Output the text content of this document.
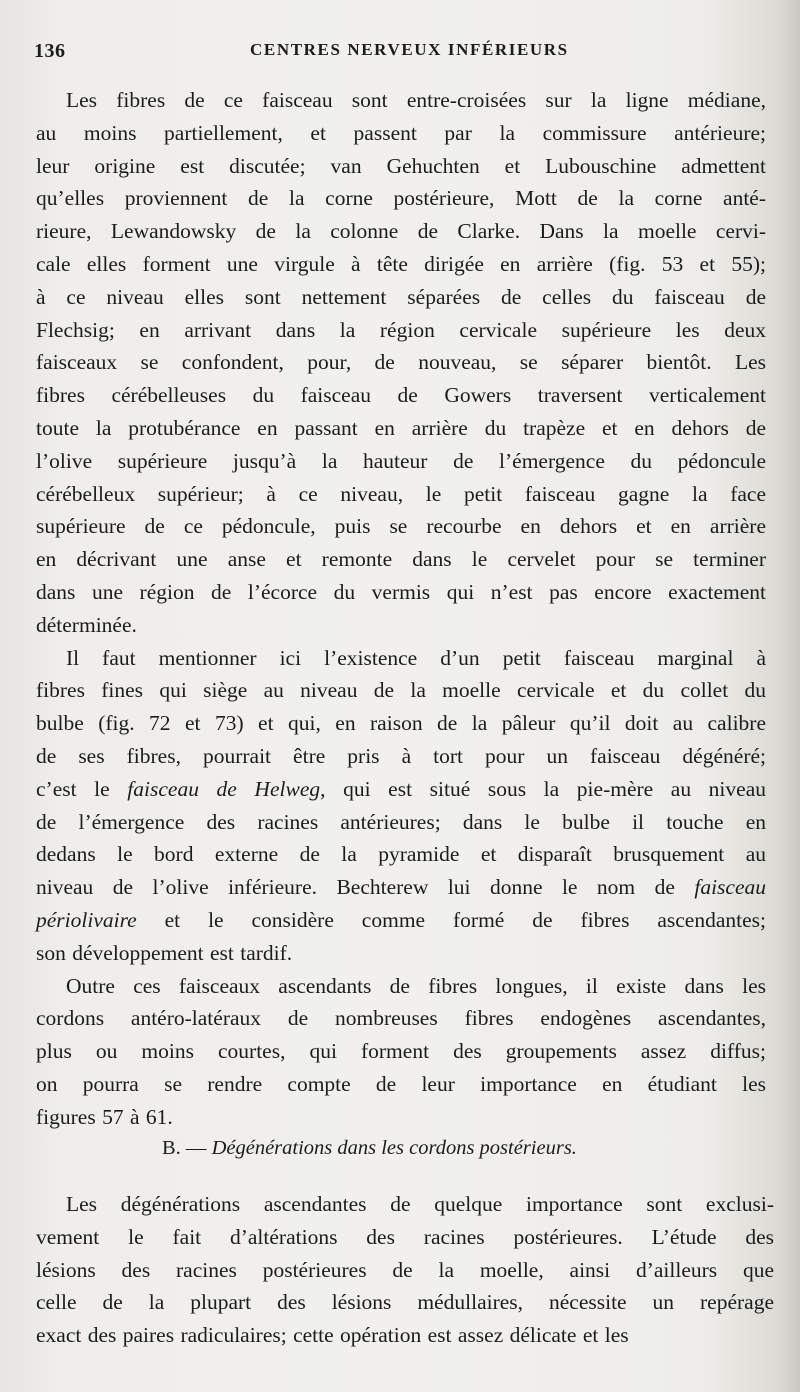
136	CENTRES NERVEUX INFÉRIEURS
Les fibres de ce faisceau sont entre-croisées sur la ligne médiane,
au moins partiellement, et passent par la commissure antérieure;
leur origine est discutée; van Gehuchten et Lubouschine admettent
qu’elles proviennent de la corne postérieure, Mott de la corne anté-
rieure, Lewandowsky de la colonne de Clarke. Dans la moelle cervi-
cale elles forment une virgule à tête dirigée en arrière (fig. 53 et 55);
à ce niveau elles sont nettement séparées de celles du faisceau de
Flechsig; en arrivant dans la région cervicale supérieure les deux
faisceaux se confondent, pour, de nouveau, se séparer bientôt. Les
fibres cérébelleuses du faisceau de Gowers traversent verticalement
toute la protubérance en passant en arrière du trapèze et en dehors de
l’olive supérieure jusqu’à la hauteur de l’émergence du pédoncule
cérébelleux supérieur; à ce niveau, le petit faisceau gagne la face
supérieure de ce pédoncule, puis se recourbe en dehors et en arrière
en décrivant une anse et remonte dans le cervelet pour se terminer
dans une région de l’écorce du vermis qui n’est pas encore exactement
déterminée.
Il faut mentionner ici l’existence d’un petit faisceau marginal à
fibres fines qui siège au niveau de la moelle cervicale et du collet du
bulbe (fig. 72 et 73) et qui, en raison de la pâleur qu’il doit au calibre
de ses fibres, pourrait être pris à tort pour un faisceau dégénéré;
c’est le faisceau de Helweg, qui est situé sous la pie-mère au niveau
de l’émergence des racines antérieures; dans le bulbe il touche en
dedans le bord externe de la pyramide et disparaît brusquement au
niveau de l’olive inférieure. Bechterew lui donne le nom de faisceau
périolivaire et le considère comme formé de fibres ascendantes;
son développement est tardif.
Outre ces faisceaux ascendants de fibres longues, il existe dans les
cordons antéro-latéraux de nombreuses fibres endogènes ascendantes,
plus ou moins courtes, qui forment des groupements assez diffus;
on pourra se rendre compte de leur importance en étudiant les
figures 57 à 61.
B. — Dégénérations dans les cordons postérieurs.
Les dégénérations ascendantes de quelque importance sont exclusi-
vement le fait d’altérations des racines postérieures. L’étude des
lésions des racines postérieures de la moelle, ainsi d’ailleurs que
celle de la plupart des lésions médullaires, nécessite un repérage
exact des paires radiculaires; cette opération est assez délicate et les
